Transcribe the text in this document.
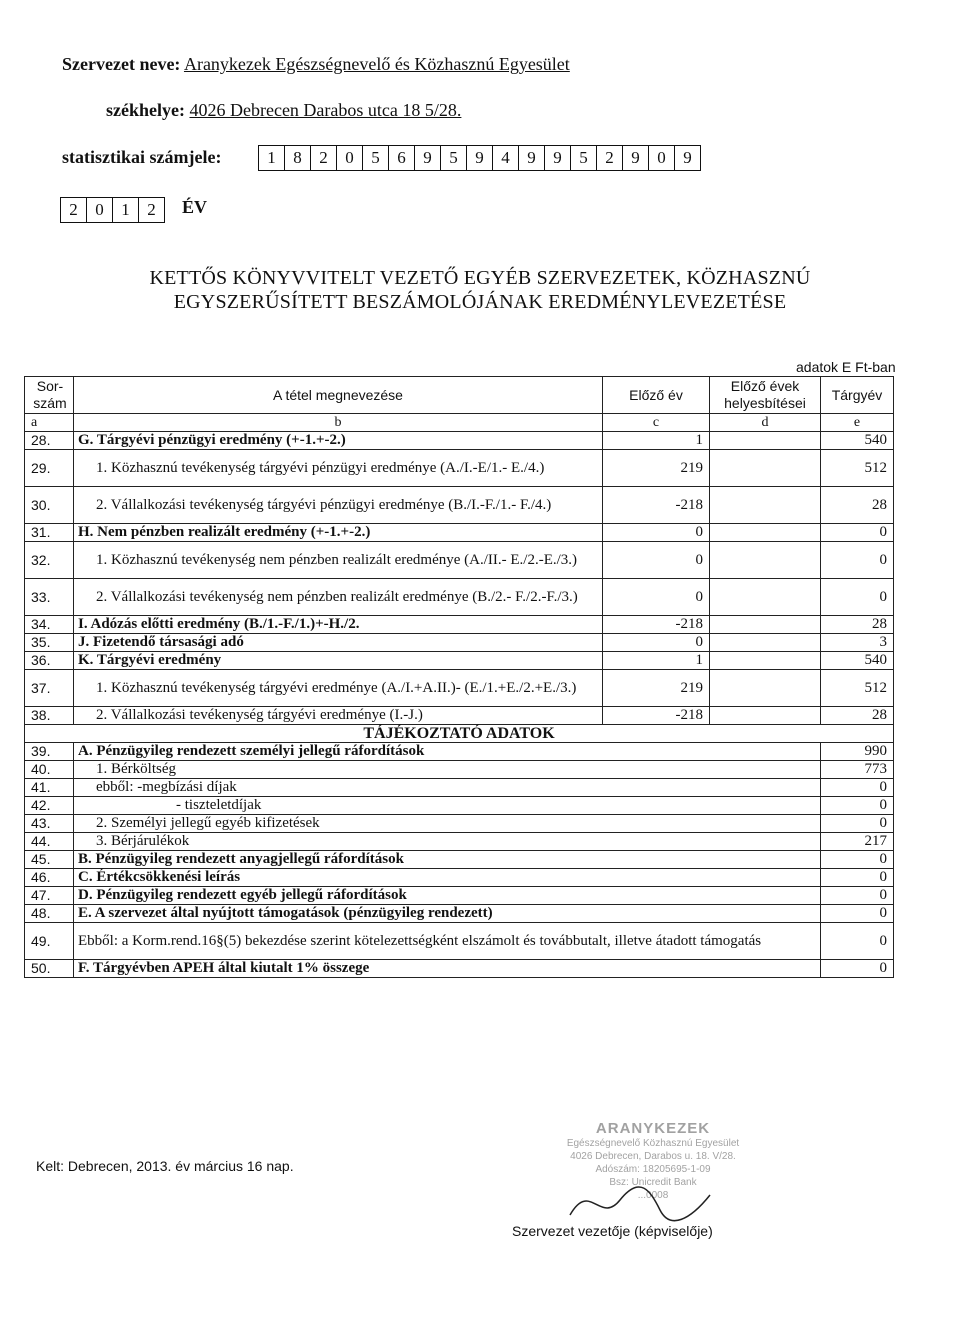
Szervezet neve: Aranykezek Egészségnevelő és Közhasznú Egyesület
székhelye: 4026 Debrecen Darabos utca 18 5/28.
statisztikai számjele:	1	8	2	0	5	6	9	5	9	4	9	9	5	2	9	0	9
2	0	1	2	ÉV
KETTŐS KÖNYVVITELT VEZETŐ EGYÉB SZERVEZETEK, KÖZHASZNÚ
EGYSZERŰSÍTETT BESZÁMOLÓJÁNAK EREDMÉNYLEVEZETÉSE
adatok E Ft-ban
Sor-szám	A tétel megnevezése	Előző év	Előző évek helyesbítései	Tárgyév
a	b	c	d	e
28.	G. Tárgyévi pénzügyi eredmény (+-1.+-2.)	1		540
29.	1. Közhasznú tevékenység tárgyévi pénzügyi eredménye (A./I.-E/1.- E./4.)	219		512
30.	2. Vállalkozási tevékenység tárgyévi pénzügyi eredménye (B./I.-F./1.- F./4.)	-218		28
31.	H. Nem pénzben realizált eredmény (+-1.+-2.)	0		0
32.	1. Közhasznú tevékenység nem pénzben realizált eredménye (A./II.- E./2.-E./3.)	0		0
33.	2. Vállalkozási tevékenység nem pénzben realizált eredménye (B./2.- F./2.-F./3.)	0		0
34.	I. Adózás előtti eredmény (B./1.-F./1.)+-H./2.	-218		28
35.	J. Fizetendő társasági adó	0		3
36.	K. Tárgyévi eredmény	1		540
37.	1. Közhasznú tevékenység tárgyévi eredménye (A./I.+A.II.)- (E./1.+E./2.+E./3.)	219		512
38.	2. Vállalkozási tevékenység tárgyévi eredménye (I.-J.)	-218		28
TÁJÉKOZTATÓ ADATOK				
39.	A. Pénzügyileg rendezett személyi jellegű ráfordítások			990
40.	1. Bérköltség			773
41.	ebből: -megbízási díjak			0
42.	- tiszteletdíjak			0
43.	2. Személyi jellegű egyéb kifizetések			0
44.	3. Bérjárulékok			217
45.	B. Pénzügyileg rendezett anyagjellegű ráfordítások			0
46.	C. Értékcsökkenési leírás			0
47.	D. Pénzügyileg rendezett egyéb jellegű ráfordítások			0
48.	E. A szervezet által nyújtott támogatások (pénzügyileg rendezett)			0
49.	Ebből: a Korm.rend.16§(5) bekezdése szerint kötelezettségként elszámolt és továbbutalt, illetve átadott támogatás			0
50.	F. Tárgyévben APEH által kiutalt 1% összege			0
Kelt: Debrecen, 2013. év március 16 nap.
ARANYKEZEK
Egészségnevelő Közhasznú Egyesület
4026 Debrecen, Darabos u. 18. V/28.
Adószám: 18205695-1-09
Bsz: Unicredit Bank
...0008
Szervezet vezetője (képviselője)
